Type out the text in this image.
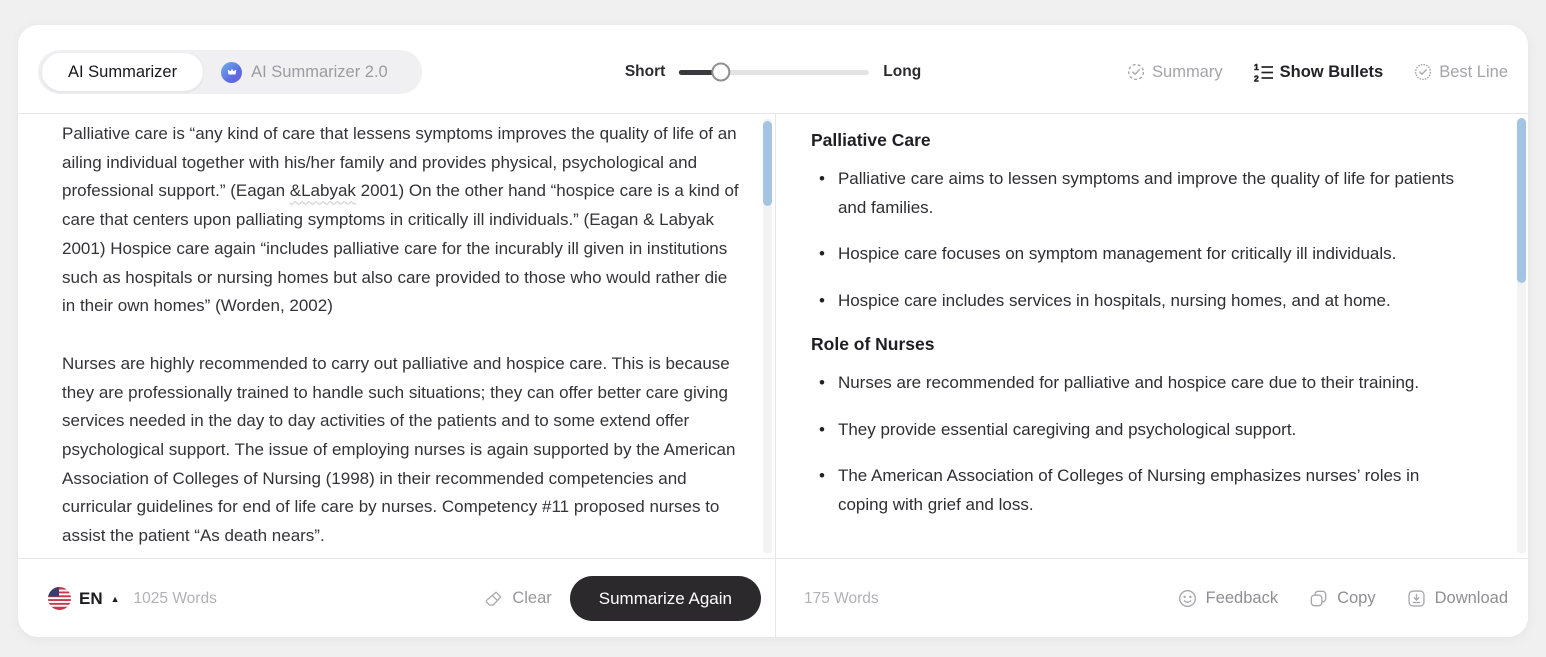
AI Summarizer	AI Summarizer 2.0	Short	Long	Summary	1
2 Show Bullets	Best Line

Palliative care is “any kind of care that lessens symptoms improves the quality of life of an ailing individual together with his/her family and provides physical, psychological and professional support.” (Eagan &Labyak 2001) On the other hand “hospice care is a kind of care that centers upon palliating symptoms in critically ill individuals.” (Eagan & Labyak 2001) Hospice care again “includes palliative care for the incurably ill given in institutions such as hospitals or nursing homes but also care provided to those who would rather die in their own homes” (Worden, 2002)

Nurses are highly recommended to carry out palliative and hospice care. This is because they are professionally trained to handle such situations; they can offer better care giving services needed in the day to day activities of the patients and to some extend offer psychological support. The issue of employing nurses is again supported by the American Association of Colleges of Nursing (1998) in their recommended competencies and curricular guidelines for end of life care by nurses. Competency #11 proposed nurses to assist the patient “As death nears”.

Palliative Care
• Palliative care aims to lessen symptoms and improve the quality of life for patients and families.
• Hospice care focuses on symptom management for critically ill individuals.
• Hospice care includes services in hospitals, nursing homes, and at home.
Role of Nurses
• Nurses are recommended for palliative and hospice care due to their training.
• They provide essential caregiving and psychological support.
• The American Association of Colleges of Nursing emphasizes nurses’ roles in coping with grief and loss.
EN ▲ 1025 Words	Clear	Summarize Again	175 Words	Feedback	Copy	Download
